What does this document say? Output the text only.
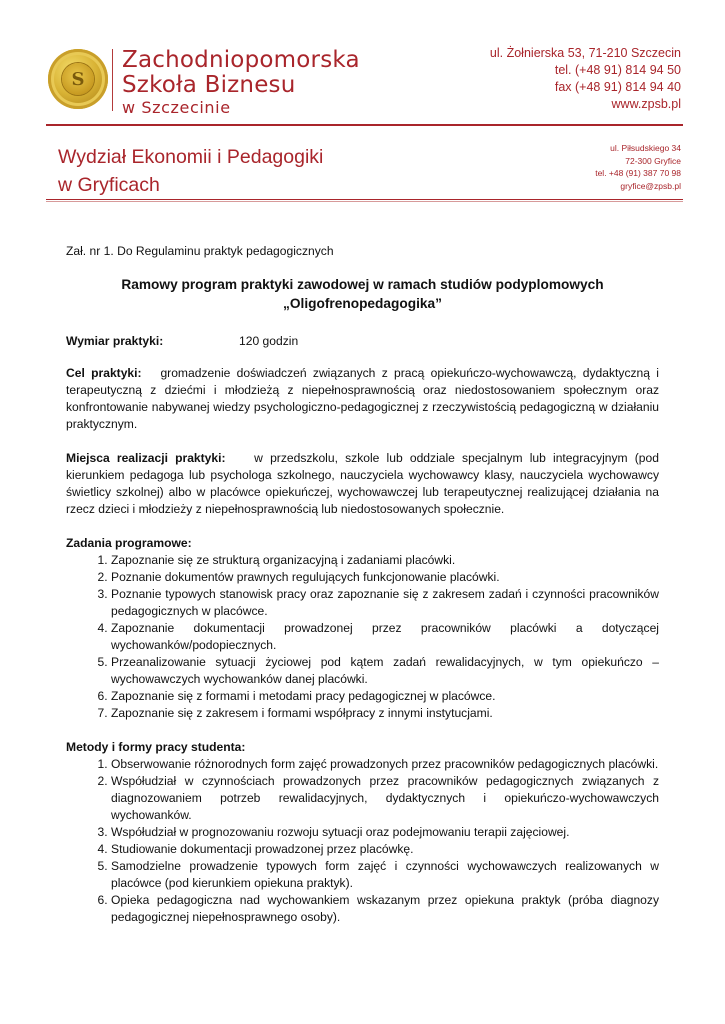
S
Zachodniopomorska
Szkoła Biznesu
w Szczecinie
ul. Żołnierska 53, 71-210 Szczecin
tel. (+48 91) 814 94 50
fax (+48 91) 814 94 40
www.zpsb.pl
Wydział Ekonomii i Pedagogiki
w Gryficach
ul. Piłsudskiego 34
72-300 Gryfice
tel. +48 (91) 387 70 98
gryfice@zpsb.pl
Zał. nr 1. Do Regulaminu praktyk pedagogicznych
Ramowy program praktyki zawodowej w ramach studiów podyplomowych
„Oligofrenopedagogika”
Wymiar praktyki:	120 godzin

Cel praktyki: gromadzenie doświadczeń związanych z pracą opiekuńczo-wychowawczą, dydaktyczną i terapeutyczną z dziećmi i młodzieżą z niepełnosprawnością oraz niedostosowaniem społecznym oraz konfrontowanie nabywanej wiedzy psychologiczno-pedagogicznej z rzeczywistością pedagogiczną w działaniu praktycznym.

Miejsca realizacji praktyki: w przedszkolu, szkole lub oddziale specjalnym lub integracyjnym (pod kierunkiem pedagoga lub psychologa szkolnego, nauczyciela wychowawcy klasy, nauczyciela wychowawcy świetlicy szkolnej) albo w placówce opiekuńczej, wychowawczej lub terapeutycznej realizującej działania na rzecz dzieci i młodzieży z niepełnosprawnością lub niedostosowanych społecznie.

Zadania programowe:
1. Zapoznanie się ze strukturą organizacyjną i zadaniami placówki.
2. Poznanie dokumentów prawnych regulujących funkcjonowanie placówki.
3. Poznanie typowych stanowisk pracy oraz zapoznanie się z zakresem zadań i czynności pracowników pedagogicznych w placówce.
4. Zapoznanie dokumentacji prowadzonej przez pracowników placówki a dotyczącej wychowanków/podopiecznych.
5. Przeanalizowanie sytuacji życiowej pod kątem zadań rewalidacyjnych, w tym opiekuńczo – wychowawczych wychowanków danej placówki.
6. Zapoznanie się z formami i metodami pracy pedagogicznej w placówce.
7. Zapoznanie się z zakresem i formami współpracy z innymi instytucjami.
Metody i formy pracy studenta:
1. Obserwowanie różnorodnych form zajęć prowadzonych przez pracowników pedagogicznych placówki.
2. Współudział w czynnościach prowadzonych przez pracowników pedagogicznych związanych z diagnozowaniem potrzeb rewalidacyjnych, dydaktycznych i opiekuńczo-wychowawczych wychowanków.
3. Współudział w prognozowaniu rozwoju sytuacji oraz podejmowaniu terapii zajęciowej.
4. Studiowanie dokumentacji prowadzonej przez placówkę.
5. Samodzielne prowadzenie typowych form zajęć i czynności wychowawczych realizowanych w placówce (pod kierunkiem opiekuna praktyk).
6. Opieka pedagogiczna nad wychowankiem wskazanym przez opiekuna praktyk (próba diagnozy pedagogicznej niepełnosprawnego osoby).
